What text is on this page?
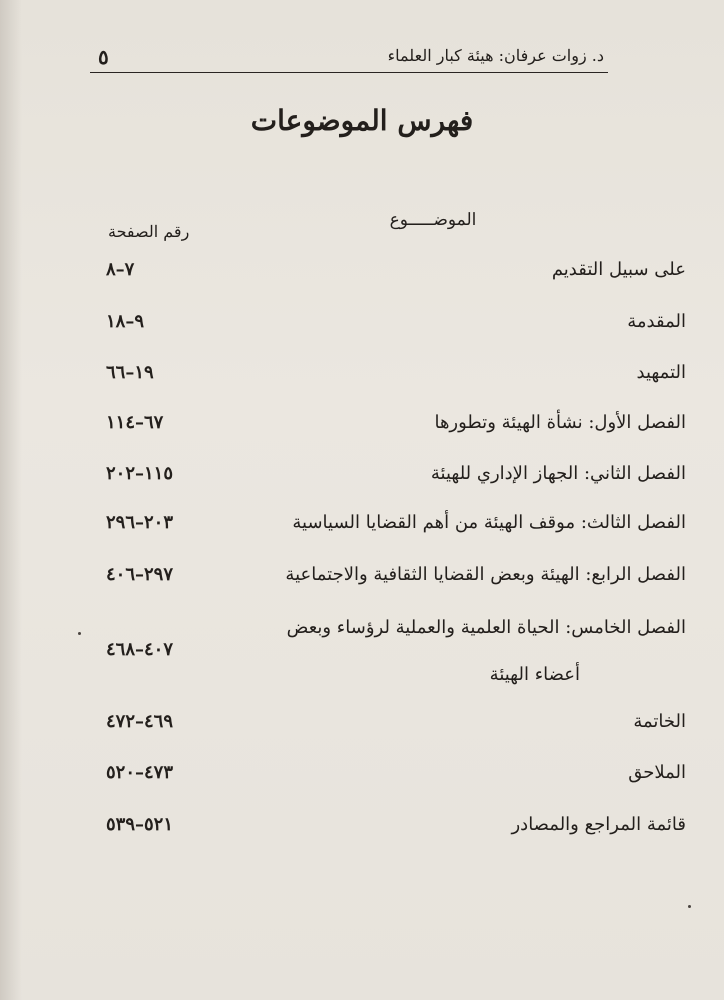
٥	د. زوات عرفان: هيئة كبار العلماء
فهرس الموضوعات
الموضـــــوع
رقم الصفحة
على سبيل التقديم
٧–٨
المقدمة
٩–١٨
التمهيد
١٩–٦٦
الفصل الأول: نشأة الهيئة وتطورها
٦٧–١١٤
الفصل الثاني: الجهاز الإداري للهيئة
١١٥–٢٠٢
الفصل الثالث: موقف الهيئة من أهم القضايا السياسية
٢٠٣–٢٩٦
الفصل الرابع: الهيئة وبعض القضايا الثقافية والاجتماعية
٢٩٧–٤٠٦
الفصل الخامس: الحياة العلمية والعملية لرؤساء وبعض
٤٠٧–٤٦٨
أعضاء الهيئة
الخاتمة
٤٦٩–٤٧٢
الملاحق
٤٧٣–٥٢٠
قائمة المراجع والمصادر
٥٢١–٥٣٩
